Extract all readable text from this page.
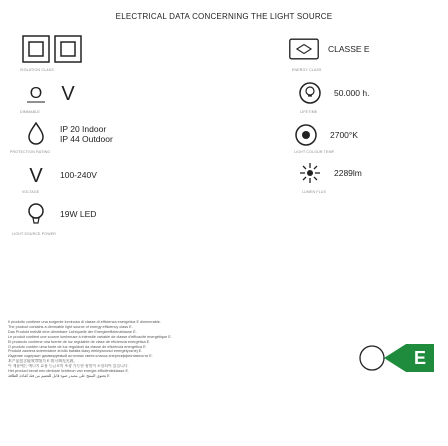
ELECTRICAL DATA CONCERNING THE LIGHT SOURCE
ISOLATION CLASS
CLASSE E
ENERGY CLASS
O V
DIMMABLE
50.000 h.
LIFETIME
IP 20 Indoor
IP 44 Outdoor
PROTECTION RATING
2700°K
LIGHT COLOUR TEMP.
V 100-240V
VOLTAGE
2289lm
LUMEN FLUX
19W LED
LIGHT SOURCE POWER
Il prodotto contiene una sorgente luminosa di classe di efficienza energetica E dimmerable.
The product contains a dimmable light source of energy efficiency class E.
Das Produkt enthält eine dimmbare Lichtquelle der Energieeffizienzklasse E.
Le produit contient une source lumineuse à intensité variable de classe d'efficacité énergétique E.
El producto contiene una fuente de luz regulable de clase de eficiencia energética E.
O produto contém uma fonte de luz regulável da classe de eficiência energética E.
Produkt zawiera ściemnialne źródło światła klasy efektywności energetycznej E.
Изделие содержит диммируемый источник света класса энергоэффективности E.
本产品包含能效等级为 E 的可调光光源。
이 제품에는 에너지 효율 등급 E의 조광 가능한 광원이 포함되어 있습니다.
Het product bevat een dimbare lichtbron van energie-efficiëntieklasse E.
يحتوي المنتج على مصدر ضوء قابل للتعتيم من فئة كفاءة الطاقة E
E
